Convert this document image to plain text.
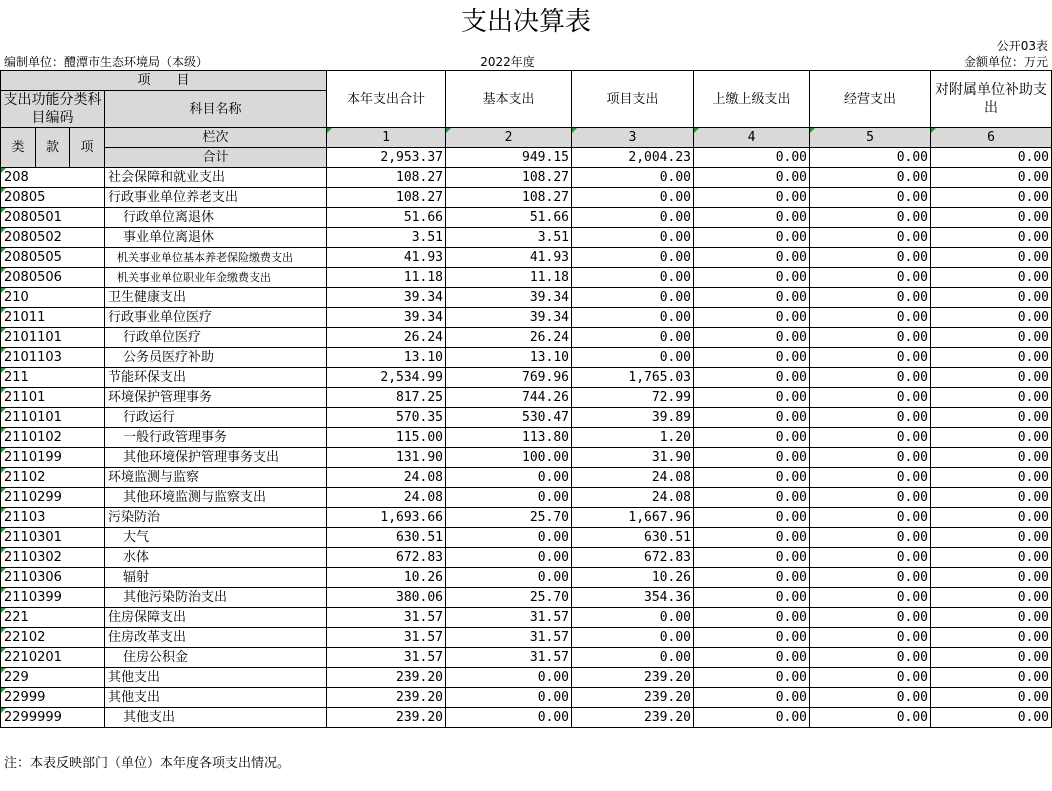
支出决算表
公开03表
编制单位：醴潭市生态环境局（本级）	2022年度	金额单位：万元
项　　目				本年支出合计	基本支出	项目支出	上缴上级支出	经营支出	对附属单位补助支出
支出功能分类科目编码			科目名称						

类	款	项	栏次	1	2	3	4	5	6
			合计	2,953.37	949.15	2,004.23	0.00	0.00	0.00
208			社会保障和就业支出	108.27	108.27	0.00	0.00	0.00	0.00
20805			行政事业单位养老支出	108.27	108.27	0.00	0.00	0.00	0.00
2080501			行政单位离退休	51.66	51.66	0.00	0.00	0.00	0.00
2080502			事业单位离退休	3.51	3.51	0.00	0.00	0.00	0.00
2080505			机关事业单位基本养老保险缴费支出	41.93	41.93	0.00	0.00	0.00	0.00
2080506			机关事业单位职业年金缴费支出	11.18	11.18	0.00	0.00	0.00	0.00
210			卫生健康支出	39.34	39.34	0.00	0.00	0.00	0.00
21011			行政事业单位医疗	39.34	39.34	0.00	0.00	0.00	0.00
2101101			行政单位医疗	26.24	26.24	0.00	0.00	0.00	0.00
2101103			公务员医疗补助	13.10	13.10	0.00	0.00	0.00	0.00
211			节能环保支出	2,534.99	769.96	1,765.03	0.00	0.00	0.00
21101			环境保护管理事务	817.25	744.26	72.99	0.00	0.00	0.00
2110101			行政运行	570.35	530.47	39.89	0.00	0.00	0.00
2110102			一般行政管理事务	115.00	113.80	1.20	0.00	0.00	0.00
2110199			其他环境保护管理事务支出	131.90	100.00	31.90	0.00	0.00	0.00
21102			环境监测与监察	24.08	0.00	24.08	0.00	0.00	0.00
2110299			其他环境监测与监察支出	24.08	0.00	24.08	0.00	0.00	0.00
21103			污染防治	1,693.66	25.70	1,667.96	0.00	0.00	0.00
2110301			大气	630.51	0.00	630.51	0.00	0.00	0.00
2110302			水体	672.83	0.00	672.83	0.00	0.00	0.00
2110306			辐射	10.26	0.00	10.26	0.00	0.00	0.00
2110399			其他污染防治支出	380.06	25.70	354.36	0.00	0.00	0.00
221			住房保障支出	31.57	31.57	0.00	0.00	0.00	0.00
22102			住房改革支出	31.57	31.57	0.00	0.00	0.00	0.00
2210201			住房公积金	31.57	31.57	0.00	0.00	0.00	0.00
229			其他支出	239.20	0.00	239.20	0.00	0.00	0.00
22999			其他支出	239.20	0.00	239.20	0.00	0.00	0.00
2299999			其他支出	239.20	0.00	239.20	0.00	0.00	0.00
注：本表反映部门（单位）本年度各项支出情况。
